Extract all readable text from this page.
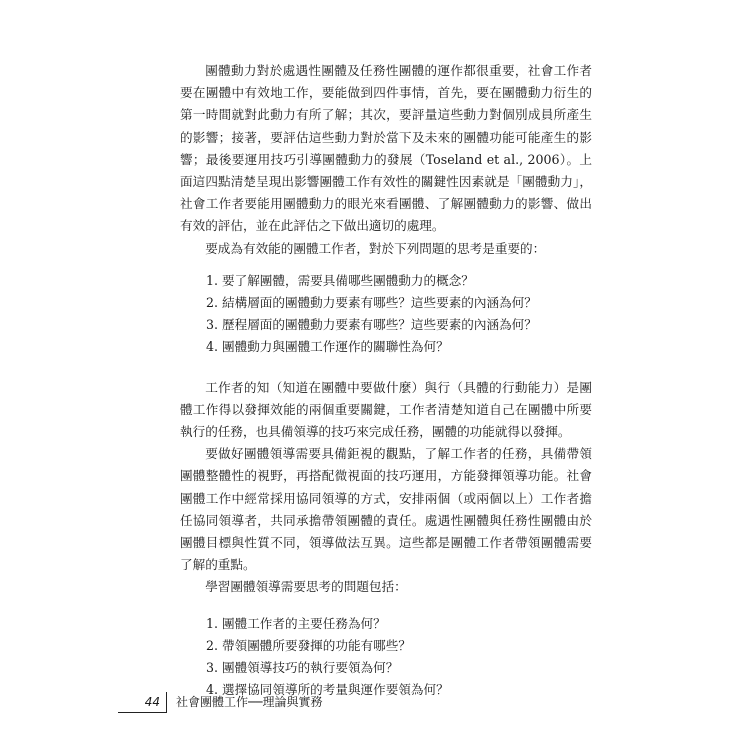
團體動力對於處遇性團體及任務性團體的運作都很重要，社會工作者要在團體中有效地工作，要能做到四件事情，首先，要在團體動力衍生的第一時間就對此動力有所了解；其次，要評量這些動力對個別成員所產生的影響；接著，要評估這些動力對於當下及未來的團體功能可能產生的影響；最後要運用技巧引導團體動力的發展（Toseland et al., 2006）。上面這四點清楚呈現出影響團體工作有效性的關鍵性因素就是「團體動力」，社會工作者要能用團體動力的眼光來看團體、了解團體動力的影響、做出有效的評估，並在此評估之下做出適切的處理。

要成為有效能的團體工作者，對於下列問題的思考是重要的：

1. 要了解團體，需要具備哪些團體動力的概念？

2. 結構層面的團體動力要素有哪些？這些要素的內涵為何？

3. 歷程層面的團體動力要素有哪些？這些要素的內涵為何？

4. 團體動力與團體工作運作的關聯性為何？

工作者的知（知道在團體中要做什麼）與行（具體的行動能力）是團體工作得以發揮效能的兩個重要關鍵，工作者清楚知道自己在團體中所要執行的任務，也具備領導的技巧來完成任務，團體的功能就得以發揮。

要做好團體領導需要具備鉅視的觀點，了解工作者的任務，具備帶領團體整體性的視野，再搭配微視面的技巧運用，方能發揮領導功能。社會團體工作中經常採用協同領導的方式，安排兩個（或兩個以上）工作者擔任協同領導者，共同承擔帶領團體的責任。處遇性團體與任務性團體由於團體目標與性質不同，領導做法互異。這些都是團體工作者帶領團體需要了解的重點。

學習團體領導需要思考的問題包括：

1. 團體工作者的主要任務為何？

2. 帶領團體所要發揮的功能有哪些？

3. 團體領導技巧的執行要領為何？

4. 選擇協同領導所的考量與運作要領為何？

44	社會團體工作──理論與實務
